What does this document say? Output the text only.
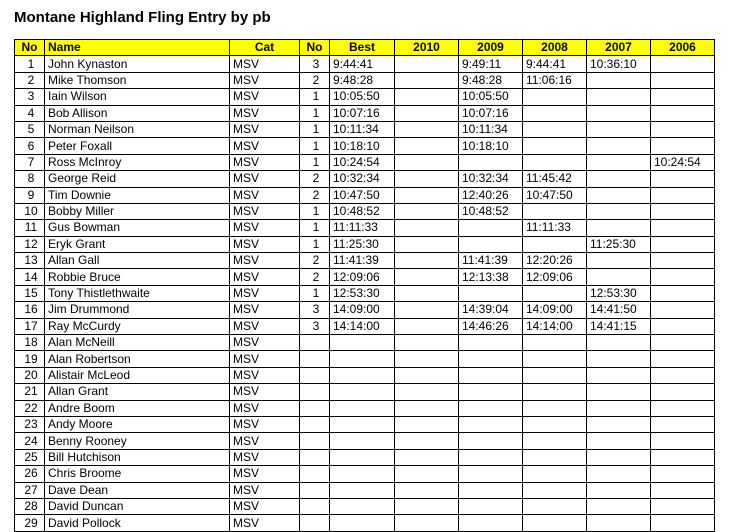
Montane Highland Fling Entry by pb
No	Name	Cat	No	Best	2010	2009	2008	2007	2006
1	John Kynaston	MSV	3	9:44:41		9:49:11	9:44:41	10:36:10	
2	Mike Thomson	MSV	2	9:48:28		9:48:28	11:06:16		
3	Iain Wilson	MSV	1	10:05:50		10:05:50			
4	Bob Allison	MSV	1	10:07:16		10:07:16			
5	Norman Neilson	MSV	1	10:11:34		10:11:34			
6	Peter Foxall	MSV	1	10:18:10		10:18:10			
7	Ross McInroy	MSV	1	10:24:54					10:24:54
8	George Reid	MSV	2	10:32:34		10:32:34	11:45:42		
9	Tim Downie	MSV	2	10:47:50		12:40:26	10:47:50		
10	Bobby Miller	MSV	1	10:48:52		10:48:52			
11	Gus Bowman	MSV	1	11:11:33			11:11:33		
12	Eryk Grant	MSV	1	11:25:30				11:25:30	
13	Allan Gall	MSV	2	11:41:39		11:41:39	12:20:26		
14	Robbie Bruce	MSV	2	12:09:06		12:13:38	12:09:06		
15	Tony Thistlethwaite	MSV	1	12:53:30				12:53:30	
16	Jim Drummond	MSV	3	14:09:00		14:39:04	14:09:00	14:41:50	
17	Ray McCurdy	MSV	3	14:14:00		14:46:26	14:14:00	14:41:15	
18	Alan McNeill	MSV							
19	Alan Robertson	MSV							
20	Alistair McLeod	MSV							
21	Allan Grant	MSV							
22	Andre Boom	MSV							
23	Andy Moore	MSV							
24	Benny Rooney	MSV							
25	Bill Hutchison	MSV							
26	Chris Broome	MSV							
27	Dave Dean	MSV							
28	David Duncan	MSV							
29	David Pollock	MSV							
